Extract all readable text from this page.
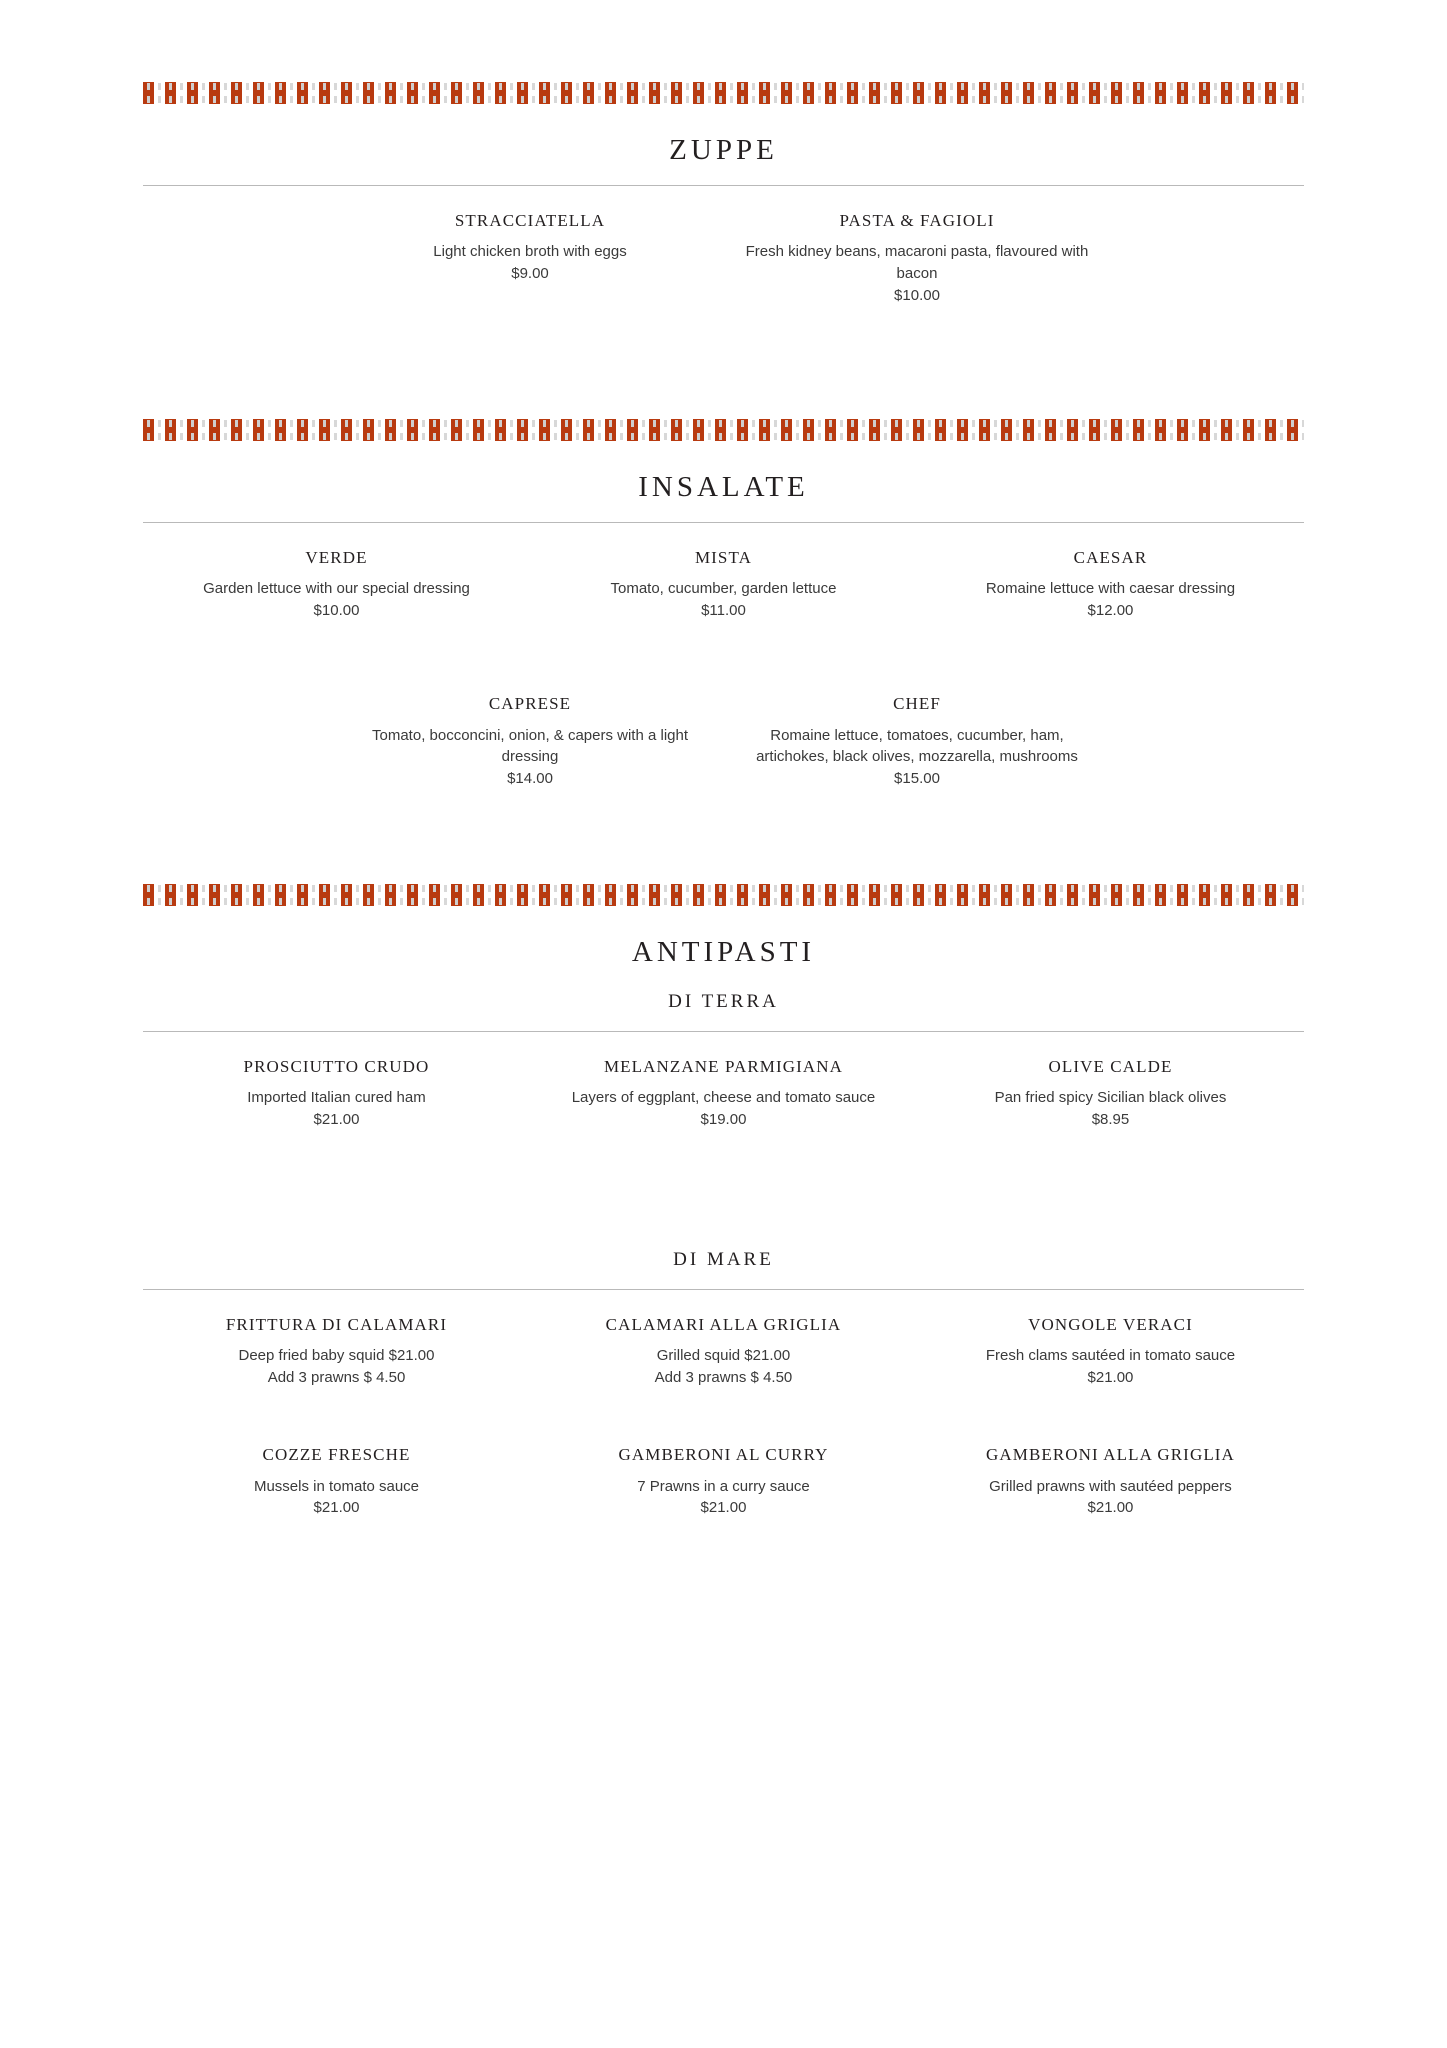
ZUPPE
STRACCIATELLA
Light chicken broth with eggs
$9.00
PASTA & FAGIOLI
Fresh kidney beans, macaroni pasta, flavoured with bacon
$10.00
INSALATE
VERDE
Garden lettuce with our special dressing
$10.00
MISTA
Tomato, cucumber, garden lettuce
$11.00
CAESAR
Romaine lettuce with caesar dressing
$12.00
CAPRESE
Tomato, bocconcini, onion, & capers with a light dressing
$14.00
CHEF
Romaine lettuce, tomatoes, cucumber, ham, artichokes, black olives, mozzarella, mushrooms
$15.00
ANTIPASTI
DI TERRA
PROSCIUTTO CRUDO
Imported Italian cured ham
$21.00
MELANZANE PARMIGIANA
Layers of eggplant, cheese and tomato sauce
$19.00
OLIVE CALDE
Pan fried spicy Sicilian black olives
$8.95
DI MARE
FRITTURA DI CALAMARI
Deep fried baby squid $21.00
Add 3 prawns $ 4.50
CALAMARI ALLA GRIGLIA
Grilled squid $21.00
Add 3 prawns $ 4.50
VONGOLE VERACI
Fresh clams sautéed in tomato sauce
$21.00
COZZE FRESCHE
Mussels in tomato sauce
$21.00
GAMBERONI AL CURRY
7 Prawns in a curry sauce
$21.00
GAMBERONI ALLA GRIGLIA
Grilled prawns with sautéed peppers
$21.00
